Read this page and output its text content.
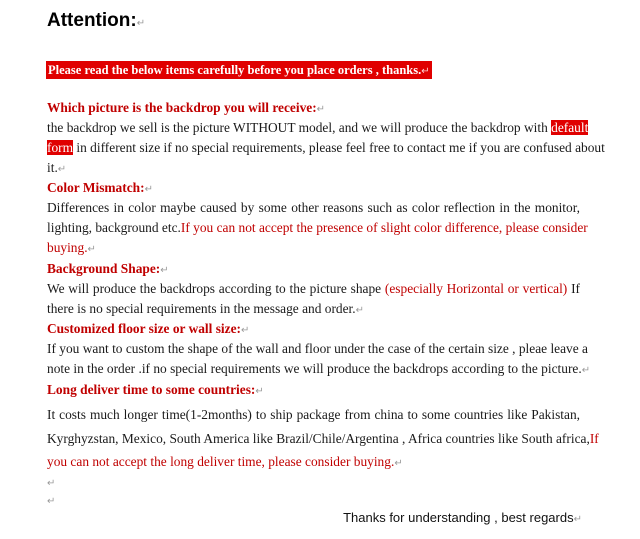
Attention:↵
Please read the below items carefully before you place orders , thanks.↵
Which picture is the backdrop you will receive:↵
the backdrop we sell is the picture WITHOUT model, and we will produce the backdrop with default
form in different size if no special requirements, please feel free to contact me if you are confused about
it.↵
Color Mismatch:↵
Differences in color maybe caused by some other reasons such as color reflection in the monitor,
lighting, background etc.If you can not accept the presence of slight color difference, please consider
buying.↵
Background Shape:↵
We will produce the backdrops according to the picture shape (especially Horizontal or vertical) If
there is no special requirements in the message and order.↵
Customized floor size or wall size:↵
If you want to custom the shape of the wall and floor under the case of the certain size , pleae leave a
note in the order .if no special requirements we will produce the backdrops according to the picture.↵
Long deliver time to some countries:↵
It costs much longer time(1-2months) to ship package from china to some countries like Pakistan,
Kyrghyzstan, Mexico, South America like Brazil/Chile/Argentina , Africa countries like South africa,If
you can not accept the long deliver time, please consider buying.↵
↵
↵
Thanks for understanding , best regards↵
